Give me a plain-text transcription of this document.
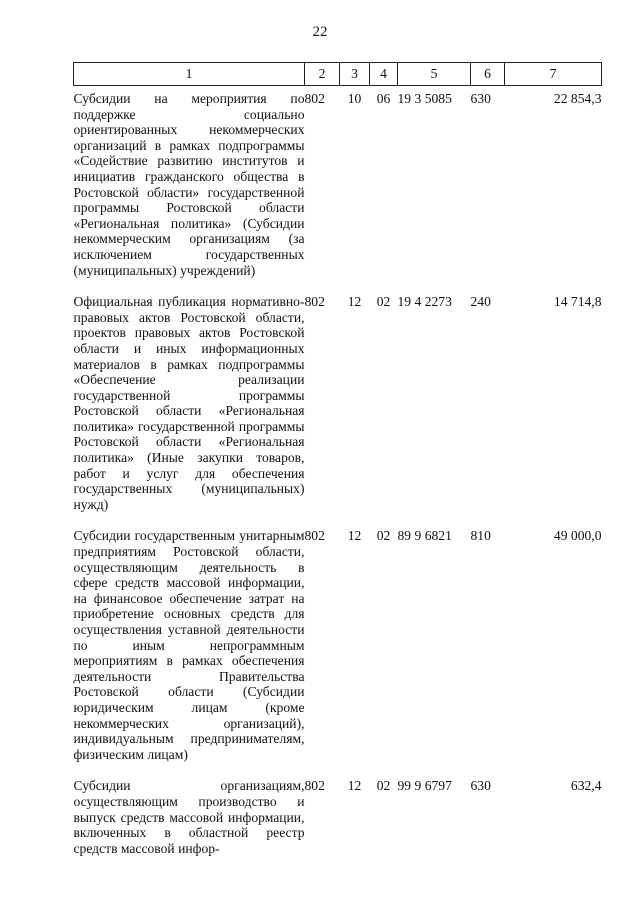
22
1	2	3	4	5	6	7
Субсидии на мероприятия по поддержке социально ориентированных некоммерческих организаций в рамках подпрограммы «Содействие развитию институтов и инициатив гражданского общества в Ростовской области» государственной программы Ростовской области «Региональная политика» (Субсидии некоммерческим организациям (за исключением государственных (муниципальных) учреждений)	802	10	06	19 3 5085	630	22 854,3
Официальная публикация нормативно-правовых актов Ростовской области, проектов правовых актов Ростовской области и иных информационных материалов в рамках подпрограммы «Обеспечение реализации государственной программы Ростовской области «Региональная политика» государственной программы Ростовской области «Региональная политика» (Иные закупки товаров, работ и услуг для обеспечения государственных (муниципальных) нужд)	802	12	02	19 4 2273	240	14 714,8
Субсидии государственным унитарным предприятиям Ростовской области, осуществляющим деятельность в сфере средств массовой информации, на финансовое обеспечение затрат на приобретение основных средств для осуществления уставной деятельности по иным непрограммным мероприятиям в рамках обеспечения деятельности Правительства Ростовской области (Субсидии юридическим лицам (кроме некоммерческих организаций), индивидуальным предпринимателям, физическим лицам)	802	12	02	89 9 6821	810	49 000,0
Субсидии организациям, осуществляющим производство и выпуск средств массовой информации, включенных в областной реестр средств массовой инфор-	802	12	02	99 9 6797	630	632,4
